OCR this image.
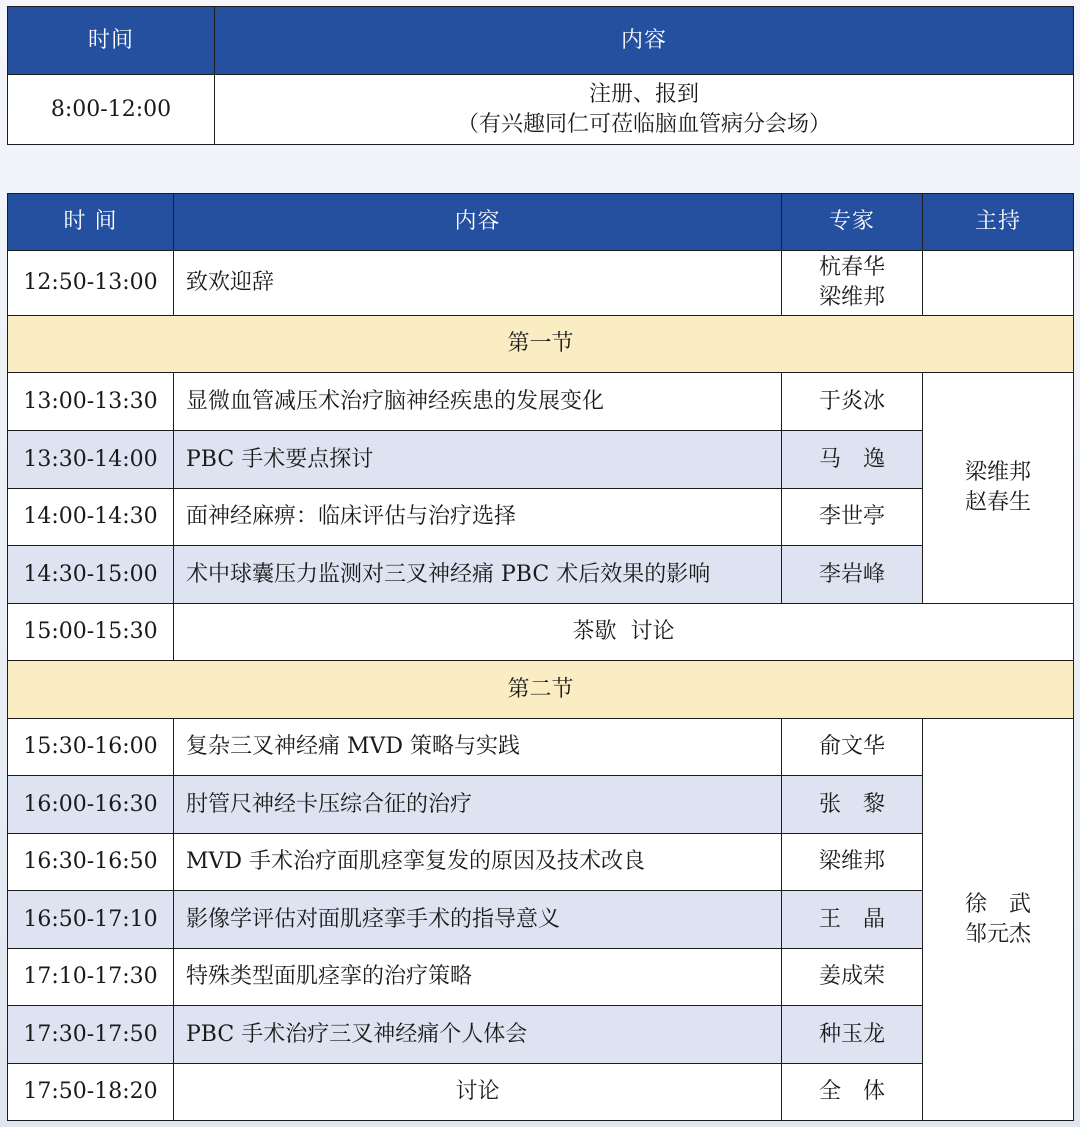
时间	内容
8:00-12:00	注册、报到
（有兴趣同仁可莅临脑血管病分会场）
时 间	内容	专家	主持
12:50-13:00	致欢迎辞	杭春华
梁维邦	

第一节			
13:00-13:30	显微血管减压术治疗脑神经疾患的发展变化	于炎冰	梁维邦
赵春生

13:30-14:00	PBC 手术要点探讨	马　逸	
14:00-14:30	面神经麻痹：临床评估与治疗选择	李世亭	
14:30-15:00	术中球囊压力监测对三叉神经痛 PBC 术后效果的影响	李岩峰	
15:00-15:30	茶歇  讨论		
第二节			
15:30-16:00	复杂三叉神经痛 MVD 策略与实践	俞文华	徐　武
邹元杰

16:00-16:30	肘管尺神经卡压综合征的治疗	张　黎	
16:30-16:50	MVD 手术治疗面肌痉挛复发的原因及技术改良	梁维邦	
16:50-17:10	影像学评估对面肌痉挛手术的指导意义	王　晶	
17:10-17:30	特殊类型面肌痉挛的治疗策略	姜成荣	
17:30-17:50	PBC 手术治疗三叉神经痛个人体会	种玉龙	
17:50-18:20	讨论	全　体	
